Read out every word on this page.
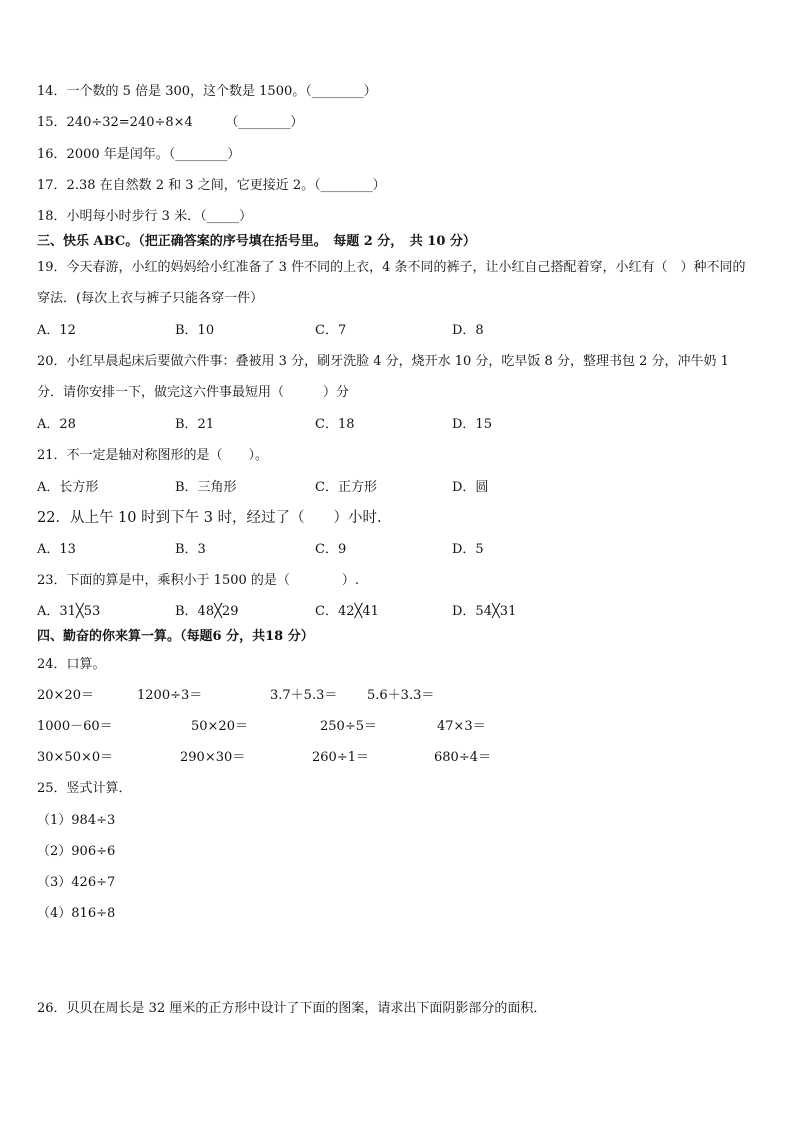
14．一个数的 5 倍是 300，这个数是 1500。（________）
15．240÷32=240÷8×4　　　（________）
16．2000 年是闰年。（________）
17．2.38 在自然数 2 和 3 之间，它更接近 2。（________）
18．小明每小时步行 3 米．（_____）
三、快乐 ABC。（把正确答案的序号填在括号里。　每题 2 分，　共 10 分）
19．今天春游，小红的妈妈给小红准备了 3 件不同的上衣，4 条不同的裤子，让小红自己搭配着穿，小红有（　）种不同的穿法．(每次上衣与裤子只能各穿一件）
A．12	B．10	C．7	D．8
20．小红早晨起床后要做六件事：叠被用 3 分，刷牙洗脸 4 分，烧开水 10 分，吃早饭 8 分，整理书包 2 分，冲牛奶 1 分．请你安排一下，做完这六件事最短用（　　　）分
A．28	B．21	C．18	D．15
21．不一定是轴对称图形的是（　　）。
A．长方形	B．三角形	C．正方形	D．圆
22．从上午 10 时到下午 3 时，经过了（　　）小时.
A．13	B．3	C．9	D．5
23．下面的算是中，乘积小于 1500 的是（　　　　）.
A．31╳53	B．48╳29	C．42╳41	D．54╳31
四、勤奋的你来算一算。（每题6 分，共18 分）
24．口算。
20×20＝	1200÷3＝	3.7＋5.3＝ 5.6＋3.3＝
1000－60＝	50×20＝	250÷5＝	47×3＝
30×50×0＝	290×30＝	260÷1＝	680÷4＝
25．竖式计算．
（1）984÷3
（2）906÷6
（3）426÷7
（4）816÷8
26．贝贝在周长是 32 厘米的正方形中设计了下面的图案，请求出下面阴影部分的面积．
